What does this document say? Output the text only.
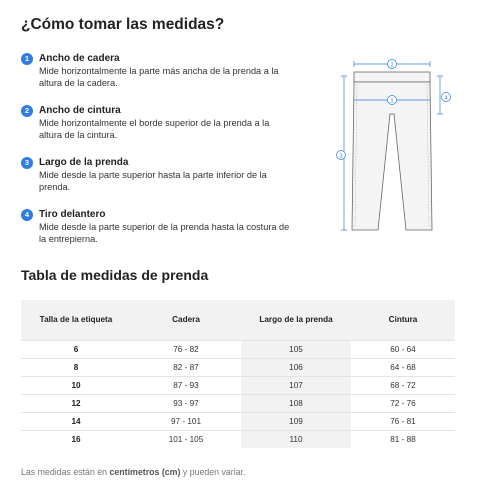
¿Cómo tomar las medidas?
1 Ancho de cadera
Mide horizontalmente la parte más ancha de la prenda a la altura de la cadera.
2 Ancho de cintura
Mide horizontalmente el borde superior de la prenda a la altura de la cintura.
3 Largo de la prenda
Mide desde la parte superior hasta la parte inferior de la prenda.
4 Tiro delantero
Mide desde la parte superior de la prenda hasta la costura de la entrepierna.
2
1
3
4
Tabla de medidas de prenda
Talla de la etiqueta	Cadera	Largo de la prenda	Cintura
6	76 - 82	105	60 - 64
8	82 - 87	106	64 - 68
10	87 - 93	107	68 - 72
12	93 - 97	108	72 - 76
14	97 - 101	109	76 - 81
16	101 - 105	110	81 - 88
Las medidas están en centímetros (cm) y pueden variar.
